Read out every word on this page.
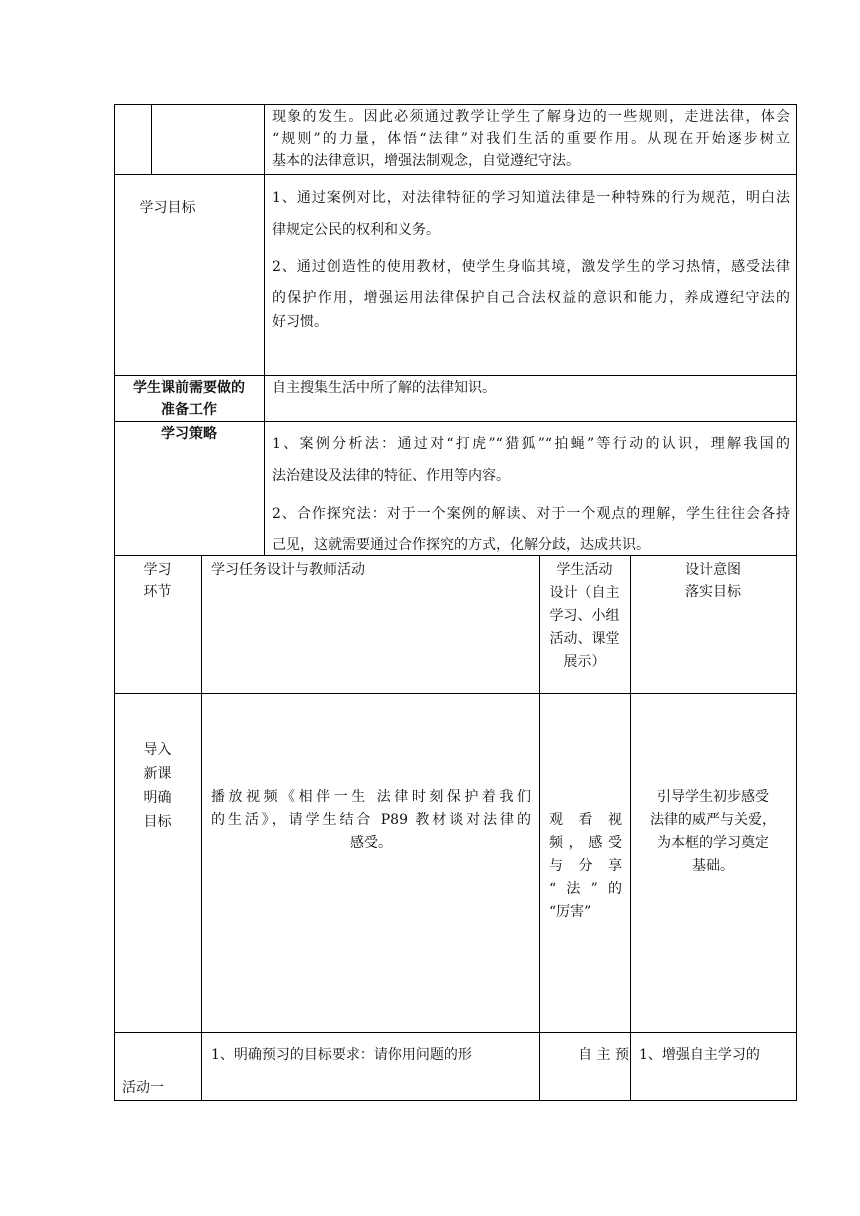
现象的发生。因此必须通过教学让学生了解身边的一些规则，走进法律，体会
“规则”的力量，体悟“法律”对我们生活的重要作用。从现在开始逐步树立
基本的法律意识，增强法制观念，自觉遵纪守法。
学习目标
1、通过案例对比，对法律特征的学习知道法律是一种特殊的行为规范，明白法
律规定公民的权利和义务。
2、通过创造性的使用教材，使学生身临其境，激发学生的学习热情，感受法律
的保护作用，增强运用法律保护自己合法权益的意识和能力，养成遵纪守法的
好习惯。
学生课前需要做的
准备工作
自主搜集生活中所了解的法律知识。
学习策略
1、案例分析法：通过对“打虎”“猎狐”“拍蝇”等行动的认识，理解我国的
法治建设及法律的特征、作用等内容。
2、合作探究法：对于一个案例的解读、对于一个观点的理解，学生往往会各持
己见，这就需要通过合作探究的方式，化解分歧，达成共识。
学习
环节
学习任务设计与教师活动	学生活动
设计（自主
学习、小组
活动、课堂
展示）
设计意图
落实目标
导入
新课
明确
目标
播放视频《相伴一生 法律时刻保护着我们
的生活》，请学生结合 P89 教材谈对法律的
感受。
观 看 视
频，感受
与 分 享
“法”的
“厉害”
引导学生初步感受
法律的威严与关爱，
为本框的学习奠定
基础。
活动一
1、明确预习的目标要求：请你用问题的形	自 主 预 1、增强自主学习的
